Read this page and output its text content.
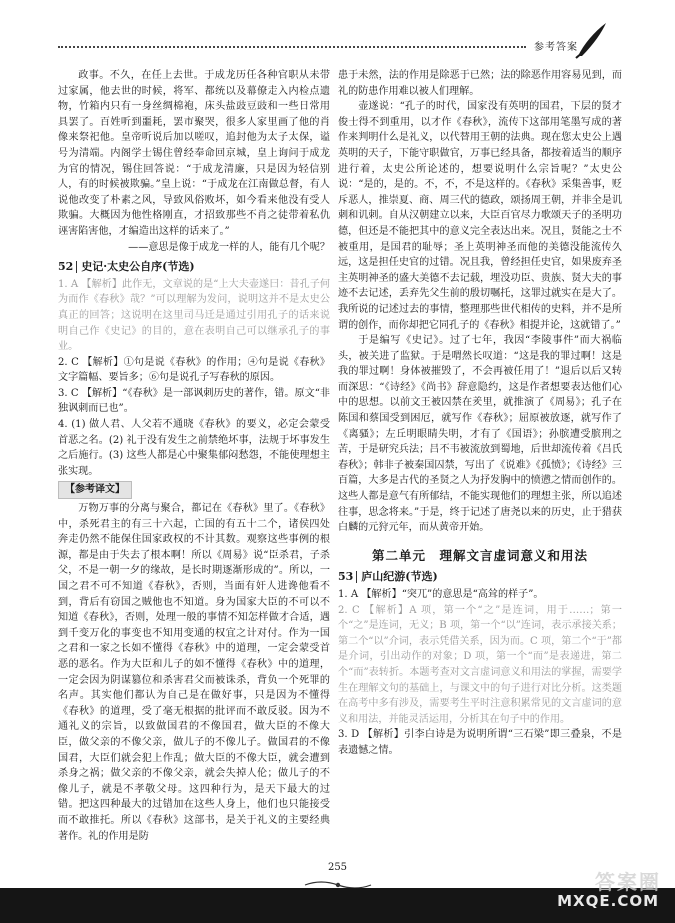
参考答案

政事。不久，在任上去世。于成龙历任各种官职从未带过家属，他去世的时候，将军、都统以及幕僚走入内检点遗物，竹箱内只有一身丝绸棉袍，床头盐豉豆豉和一些日常用具罢了。百姓听到噩耗，罢市聚哭，很多人家里画了他的肖像来祭祀他。皇帝听说后加以嗟叹，追封他为太子太保，谥号为清端。内阁学士锡住曾经奉命回京城，皇上询问于成龙为官的情况，锡住回答说：“于成龙清廉，只是因为轻信别人，有的时候被欺骗。”皇上说：“于成龙在江南做总督，有人说他改变了朴素之风，导致风俗败坏，如今看来他没有受人欺骗。大概因为他性格刚直，才招致那些不肖之徒带着私仇诬害陷害他，才编造出这样的话来了。”

——意思是像于成龙一样的人，能有几个呢？

52 史记·太史公自序(节选)

1. A 【解析】此作无，文章说的是“上大夫壶遂曰：昔孔子何为而作《春秋》哉？”可以理解为发问，说明这并不是太史公真正的回答；这说明在这里司马迁是通过引用孔子的话来说明自己作《史记》的目的，意在表明自己可以继承孔子的事业。

2. C 【解析】①句是说《春秋》的作用；④句是说《春秋》文字篇幅、要旨多；⑥句是说孔子写春秋的原因。

3. C 【解析】“《春秋》是一部讽刺历史的著作，错。原文“非独讽刺而已也”。

4. (1) 做人君、人父若不通晓《春秋》的要义，必定会蒙受首恶之名。(2) 礼于没有发生之前禁绝坏事，法规于坏事发生之后施行。(3) 这些人都是心中聚集郁闷愁怨，不能使理想主张实现。

【参考译文】

万物万事的分离与聚合，都记在《春秋》里了。《春秋》中，杀死君主的有三十六起，亡国的有五十二个，诸侯四处奔走仍然不能保住国家政权的不计其数。观察这些事例的根源，都是由于失去了根本啊！所以《周易》说“臣杀君，子杀父，不是一朝一夕的缘故，是长时期逐渐形成的”。所以，一国之君不可不知道《春秋》，否则，当面有奸人进谗他看不到，背后有窃国之贼他也不知道。身为国家大臣的不可以不知道《春秋》，否则，处理一般的事情不知怎样做才合适，遇到千变万化的事变也不知用变通的权宜之计对付。作为一国之君和一家之长如不懂得《春秋》中的道理，一定会蒙受首恶的恶名。作为大臣和儿子的如不懂得《春秋》中的道理，一定会因为阴谋篡位和杀害君父而被诛杀，背负一个死罪的名声。其实他们都认为自己是在做好事，只是因为不懂得《春秋》的道理，受了毫无根据的批评而不敢反驳。因为不通礼义的宗旨，以致做国君的不像国君，做大臣的不像大臣，做父亲的不像父亲，做儿子的不像儿子。做国君的不像国君，大臣们就会犯上作乱；做大臣的不像大臣，就会遭到杀身之祸；做父亲的不像父亲，就会失掉人伦；做儿子的不像儿子，就是不孝敬父母。这四种行为，是天下最大的过错。把这四种最大的过错加在这些人身上，他们也只能接受而不敢推托。所以《春秋》这部书，是关于礼义的主要经典著作。礼的作用是防

患于未然，法的作用是除恶于已然；法的除恶作用容易见到，而礼的防患作用难以被人们理解。

壶遂说：“孔子的时代，国家没有英明的国君，下层的贤才俊士得不到重用，以才作《春秋》，流传下这部用笔墨写成的著作来判明什么是礼义，以代替用王朝的法典。现在您太史公上遇英明的天子，下能守职做官，万事已经具备，都按着适当的顺序进行着，太史公所论述的，想要说明什么宗旨呢？”太史公说：“是的，是的。不，不，不是这样的。《春秋》采集善事，贬斥恶人，推崇夏、商、周三代的德政，颂扬周王朝，并非全是讥刺和讥刺。自从汉朝建立以来，大臣百官尽力歌颂天子的圣明功德，但还是不能把其中的意义完全表达出来。况且，贤能之士不被重用，是国君的耻辱；圣上英明神圣而他的美德没能流传久远，这是担任史官的过错。况且我，曾经担任史官，如果废弃圣主英明神圣的盛大美德不去记载，埋没功臣、贵族、贤大夫的事迹不去记述，丢弃先父生前的殷切嘱托，这罪过就实在是大了。我所说的记述过去的事情，整理那些世代相传的史料，并不是所谓的创作，而你却把它同孔子的《春秋》相提并论，这就错了。”

于是编写《史记》。过了七年，我因“李陵事件”而大祸临头，被关进了监狱。于是喟然长叹道：“这是我的罪过啊！这是我的罪过啊！身体被摧毁了，不会再被任用了！”退后以后又转而深思：“《诗经》《尚书》辞意隐约，这是作者想要表达他们心中的思想。以前文王被囚禁在羑里，就推演了《周易》；孔子在陈国和蔡国受到困厄，就写作《春秋》；屈原被放逐，就写作了《离骚》；左丘明眼睛失明，才有了《国语》；孙膑遭受膑刑之苦，于是研究兵法；吕不韦被流放到蜀地，后世却流传着《吕氏春秋》；韩非子被秦国囚禁，写出了《说难》《孤愤》；《诗经》三百篇，大多是古代的圣贤之人为抒发胸中的愤懑之情而创作的。这些人都是意气有所郁结，不能实现他们的理想主张，所以追述往事，思念将来。”于是，终于记述了唐尧以来的历史，止于猎获白麟的元狩元年，而从黄帝开始。

第二单元　理解文言虚词意义和用法
53 庐山纪游(节选)

1. A 【解析】“突兀”的意思是“高耸的样子”。

2. C 【解析】A 项，第一个“之”是连词，用于……；第一个“之”是连词，无义；B 项，第一个“以”连词，表示承接关系；第二个“以”介词，表示凭借关系，因为而。C 项，第二个“于”都是介词，引出动作的对象；D 项，第一个“而”是表递进，第二个“而”表转折。本题考查对文言虚词意义和用法的掌握，需要学生在理解文句的基础上，与课文中的句子进行对比分析。这类题在高考中多有涉及，需要考生平时注意积累常见的文言虚词的意义和用法，并能灵活运用，分析其在句子中的作用。

3. D 【解析】引李白诗是为说明所谓“三石梁”即三叠泉，不是表遗憾之情。

255
答案圈
MXQE.COM
